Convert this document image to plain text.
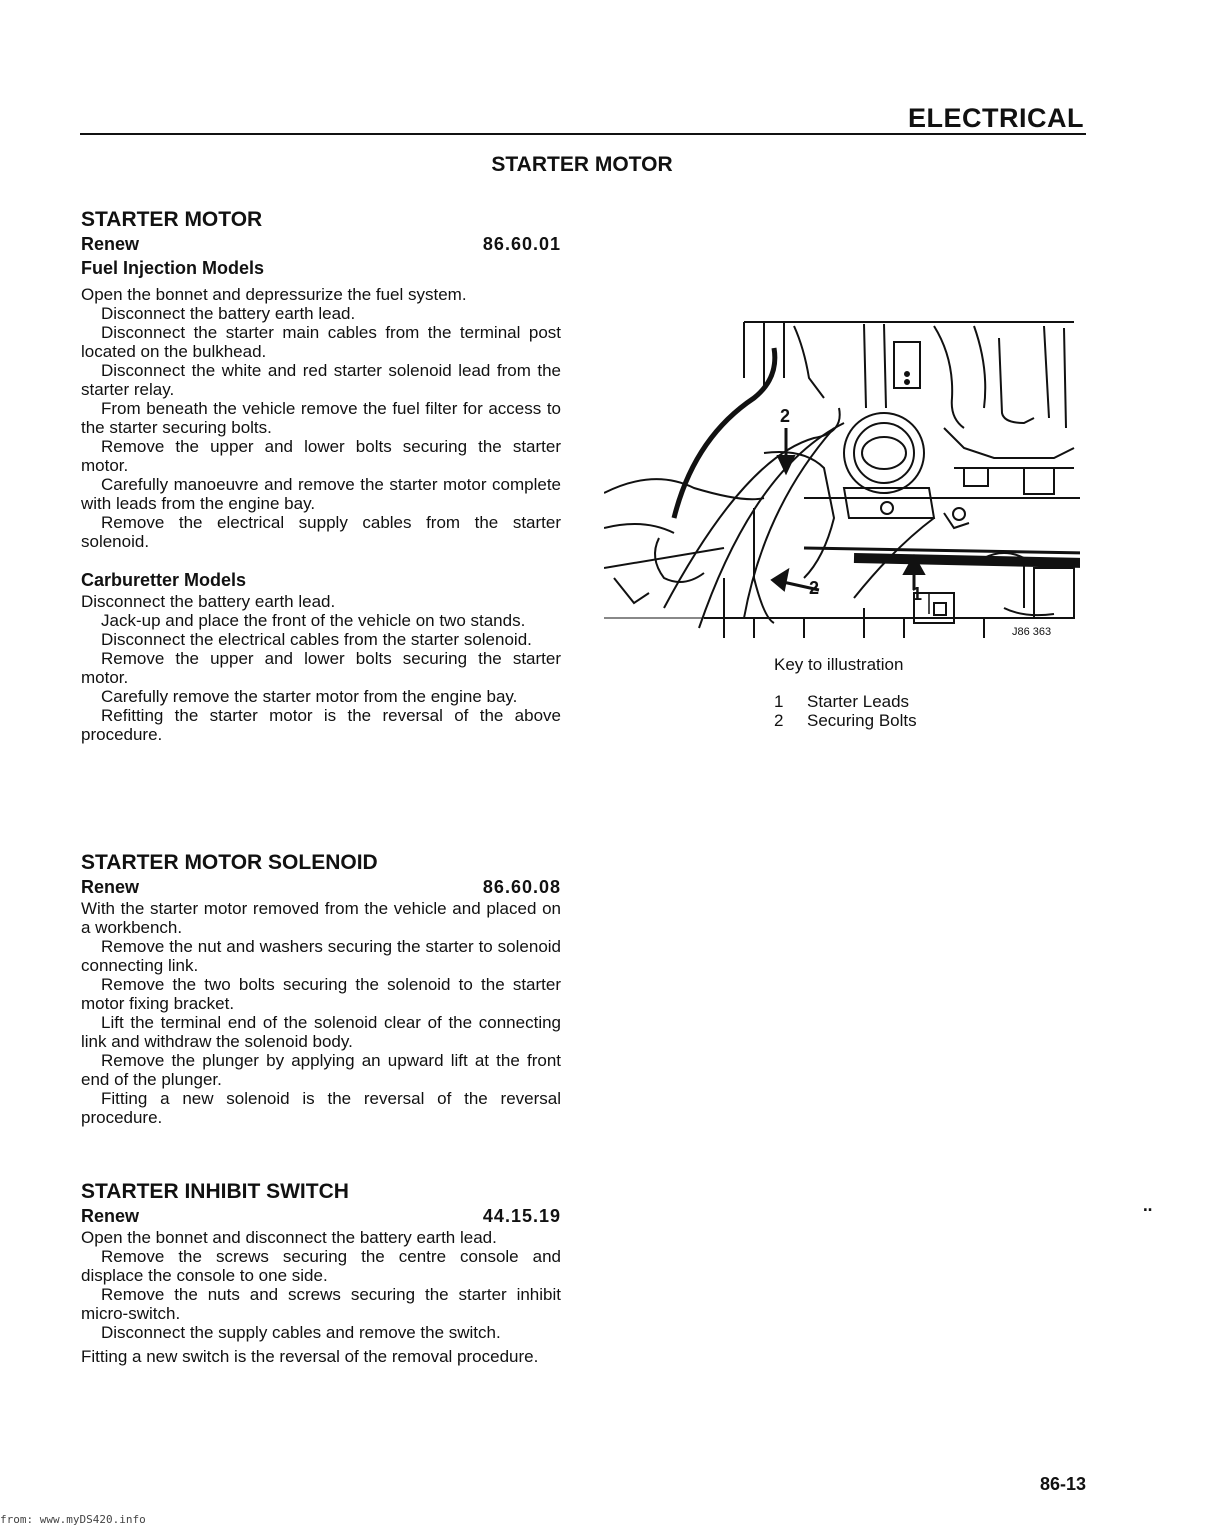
ELECTRICAL
STARTER MOTOR
STARTER MOTOR
Renew	86.60.01
Fuel Injection Models

Open the bonnet and depressurize the fuel system.

Disconnect the battery earth lead.

Disconnect the starter main cables from the terminal post located on the bulkhead.

Disconnect the white and red starter solenoid lead from the starter relay.

From beneath the vehicle remove the fuel filter for access to the starter securing bolts.

Remove the upper and lower bolts securing the starter motor.

Carefully manoeuvre and remove the starter motor complete with leads from the engine bay.

Remove the electrical supply cables from the starter solenoid.

Carburetter Models

Disconnect the battery earth lead.

Jack-up and place the front of the vehicle on two stands.

Disconnect the electrical cables from the starter solenoid.

Remove the upper and lower bolts securing the starter motor.

Carefully remove the starter motor from the engine bay.

Refitting the starter motor is the reversal of the above procedure.

STARTER MOTOR SOLENOID
Renew	86.60.08

With the starter motor removed from the vehicle and placed on a workbench.

Remove the nut and washers securing the starter to solenoid connecting link.

Remove the two bolts securing the solenoid to the starter motor fixing bracket.

Lift the terminal end of the solenoid clear of the connecting link and withdraw the solenoid body.

Remove the plunger by applying an upward lift at the front end of the plunger.

Fitting a new solenoid is the reversal of the reversal procedure.

STARTER INHIBIT SWITCH
Renew	44.15.19

Open the bonnet and disconnect the battery earth lead.

Remove the screws securing the centre console and displace the console to one side.

Remove the nuts and screws securing the starter inhibit micro-switch.

Disconnect the supply cables and remove the switch.

Fitting a new switch is the reversal of the removal procedure.

2
2	1
J86 363
Key to illustration
1	Starter Leads
2	Securing Bolts
‥
86-13
from: www.myDS420.info
